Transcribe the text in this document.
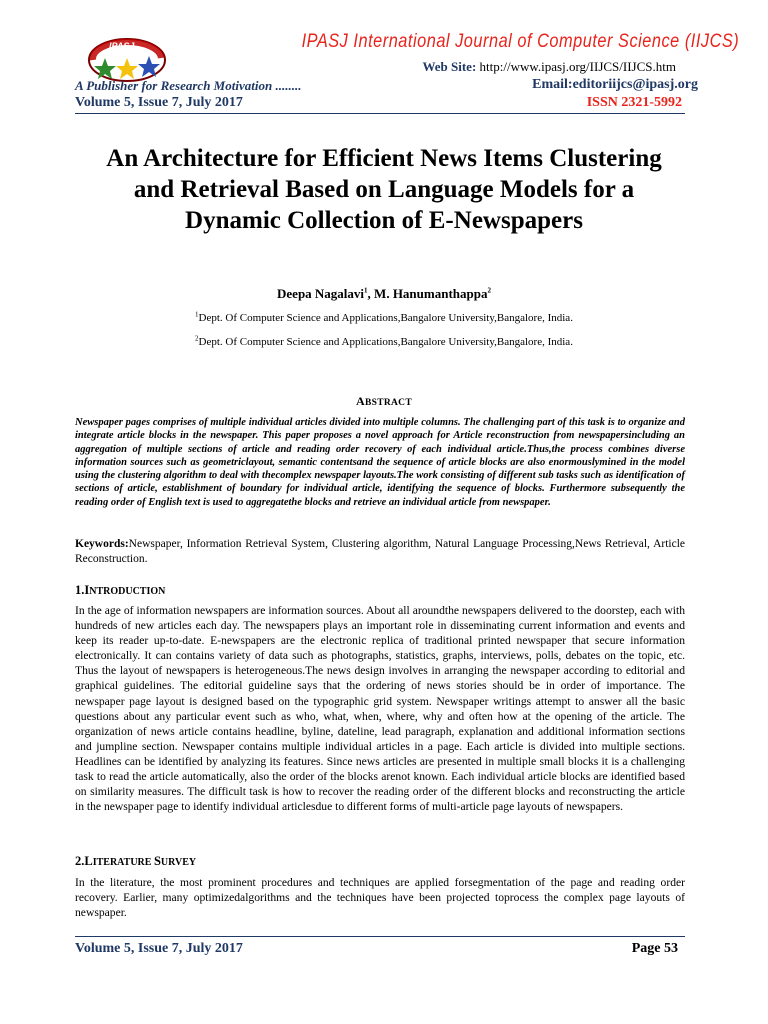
IPASJ International Journal of Computer Science (IIJCS)
IPASJ
Web Site: http://www.ipasj.org/IIJCS/IIJCS.htm
A Publisher for Research Motivation ........	Email:editoriijcs@ipasj.org
Volume 5, Issue 7, July 2017	ISSN 2321-5992
An Architecture for Efficient News Items Clustering and Retrieval Based on Language Models for a Dynamic Collection of E-Newspapers
Deepa Nagalavi$^1$, M. Hanumanthappa$^2$
$^1$Dept. Of Computer Science and Applications,Bangalore University,Bangalore, India.
$^2$Dept. Of Computer Science and Applications,Bangalore University,Bangalore, India.
ABSTRACT

Newspaper pages comprises of multiple individual articles divided into multiple columns. The challenging part of this task is to organize and integrate article blocks in the newspaper. This paper proposes a novel approach for Article reconstruction from newspapersincluding an aggregation of multiple sections of article and reading order recovery of each individual article.Thus,the process combines diverse information sources such as geometriclayout, semantic contentsand the sequence of article blocks are also enormouslymined in the model using the clustering algorithm to deal with thecomplex newspaper layouts.The work consisting of different sub tasks such as identification of sections of article, establishment of boundary for individual article, identifying the sequence of blocks. Furthermore subsequently the reading order of English text is used to aggregatethe blocks and retrieve an individual article from newspaper.

Keywords:Newspaper, Information Retrieval System, Clustering algorithm, Natural Language Processing,News Retrieval, Article Reconstruction.

1.INTRODUCTION

In the age of information newspapers are information sources. About all aroundthe newspapers delivered to the doorstep, each with hundreds of new articles each day. The newspapers plays an important role in disseminating current information and events and keep its reader up-to-date. E-newspapers are the electronic replica of traditional printed newspaper that secure information electronically. It can contains variety of data such as photographs, statistics, graphs, interviews, polls, debates on the topic, etc. Thus the layout of newspapers is heterogeneous.The news design involves in arranging the newspaper according to editorial and graphical guidelines. The editorial guideline says that the ordering of news stories should be in order of importance. The newspaper page layout is designed based on the typographic grid system. Newspaper writings attempt to answer all the basic questions about any particular event such as who, what, when, where, why and often how at the opening of the article. The organization of news article contains headline, byline, dateline, lead paragraph, explanation and additional information sections and jumpline section. Newspaper contains multiple individual articles in a page. Each article is divided into multiple sections. Headlines can be identified by analyzing its features. Since news articles are presented in multiple small blocks it is a challenging task to read the article automatically, also the order of the blocks arenot known. Each individual article blocks are identified based on similarity measures. The difficult task is how to recover the reading order of the different blocks and reconstructing the article in the newspaper page to identify individual articlesdue to different forms of multi-article page layouts of newspapers.

2.LITERATURE SURVEY

In the literature, the most prominent procedures and techniques are applied forsegmentation of the page and reading order recovery. Earlier, many optimizedalgorithms and the techniques have been projected toprocess the complex page layouts of newspaper.

Volume 5, Issue 7, July 2017	Page 53
